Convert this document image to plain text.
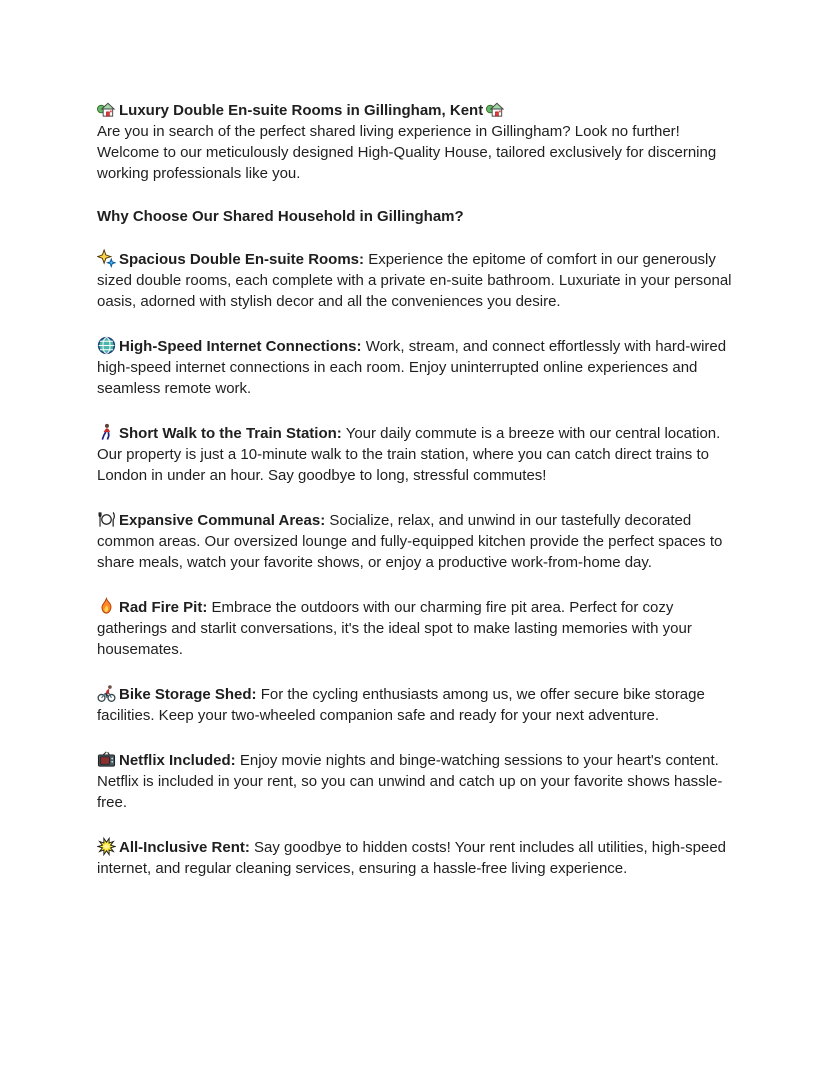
Luxury Double En-suite Rooms in Gillingham, Kent

Are you in search of the perfect shared living experience in Gillingham? Look no further! Welcome to our meticulously designed High-Quality House, tailored exclusively for discerning working professionals like you.

Why Choose Our Shared Household in Gillingham?

Spacious Double En-suite Rooms: Experience the epitome of comfort in our generously sized double rooms, each complete with a private en-suite bathroom. Luxuriate in your personal oasis, adorned with stylish decor and all the conveniences you desire.

High-Speed Internet Connections: Work, stream, and connect effortlessly with hard-wired high-speed internet connections in each room. Enjoy uninterrupted online experiences and seamless remote work.

Short Walk to the Train Station: Your daily commute is a breeze with our central location. Our property is just a 10-minute walk to the train station, where you can catch direct trains to London in under an hour. Say goodbye to long, stressful commutes!

Expansive Communal Areas: Socialize, relax, and unwind in our tastefully decorated common areas. Our oversized lounge and fully-equipped kitchen provide the perfect spaces to share meals, watch your favorite shows, or enjoy a productive work-from-home day.

Rad Fire Pit: Embrace the outdoors with our charming fire pit area. Perfect for cozy gatherings and starlit conversations, it's the ideal spot to make lasting memories with your housemates.

Bike Storage Shed: For the cycling enthusiasts among us, we offer secure bike storage facilities. Keep your two-wheeled companion safe and ready for your next adventure.

Netflix Included: Enjoy movie nights and binge-watching sessions to your heart's content. Netflix is included in your rent, so you can unwind and catch up on your favorite shows hassle-free.

All-Inclusive Rent: Say goodbye to hidden costs! Your rent includes all utilities, high-speed internet, and regular cleaning services, ensuring a hassle-free living experience.
